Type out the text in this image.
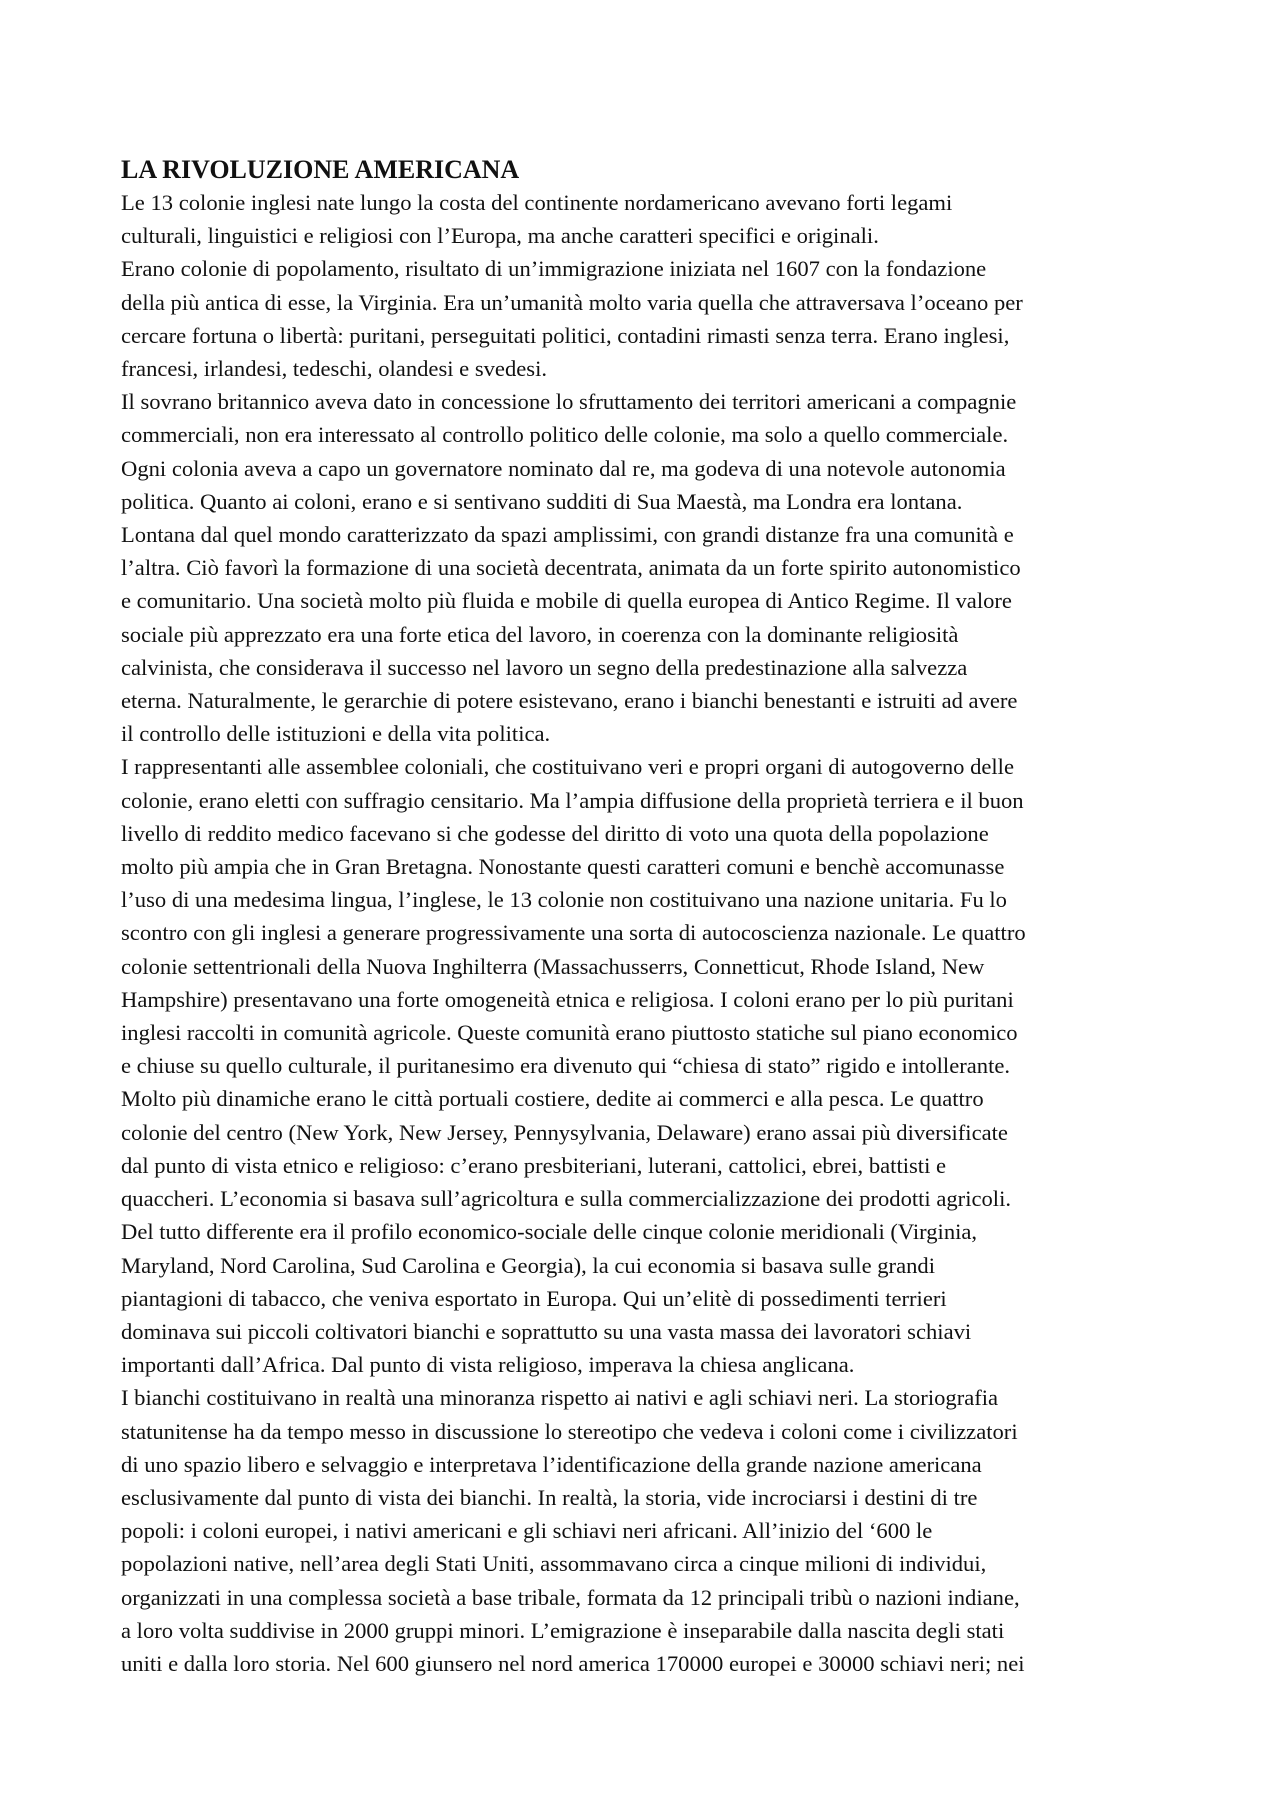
LA RIVOLUZIONE AMERICANA

Le 13 colonie inglesi nate lungo la costa del continente nordamericano avevano forti legami

culturali, linguistici e religiosi con l’Europa, ma anche caratteri specifici e originali.

Erano colonie di popolamento, risultato di un’immigrazione iniziata nel 1607 con la fondazione

della più antica di esse, la Virginia. Era un’umanità molto varia quella che attraversava l’oceano per

cercare fortuna o libertà: puritani, perseguitati politici, contadini rimasti senza terra. Erano inglesi,

francesi, irlandesi, tedeschi, olandesi e svedesi.

Il sovrano britannico aveva dato in concessione lo sfruttamento dei territori americani a compagnie

commerciali, non era interessato al controllo politico delle colonie, ma solo a quello commerciale.

Ogni colonia aveva a capo un governatore nominato dal re, ma godeva di una notevole autonomia

politica. Quanto ai coloni, erano e si sentivano sudditi di Sua Maestà, ma Londra era lontana.

Lontana dal quel mondo caratterizzato da spazi amplissimi, con grandi distanze fra una comunità e

l’altra. Ciò favorì la formazione di una società decentrata, animata da un forte spirito autonomistico

e comunitario. Una società molto più fluida e mobile di quella europea di Antico Regime. Il valore

sociale più apprezzato era una forte etica del lavoro, in coerenza con la dominante religiosità

calvinista, che considerava il successo nel lavoro un segno della predestinazione alla salvezza

eterna. Naturalmente, le gerarchie di potere esistevano, erano i bianchi benestanti e istruiti ad avere

il controllo delle istituzioni e della vita politica.

I rappresentanti alle assemblee coloniali, che costituivano veri e propri organi di autogoverno delle

colonie, erano eletti con suffragio censitario. Ma l’ampia diffusione della proprietà terriera e il buon

livello di reddito medico facevano si che godesse del diritto di voto una quota della popolazione

molto più ampia che in Gran Bretagna. Nonostante questi caratteri comuni e benchè accomunasse

l’uso di una medesima lingua, l’inglese, le 13 colonie non costituivano una nazione unitaria. Fu lo

scontro con gli inglesi a generare progressivamente una sorta di autocoscienza nazionale. Le quattro

colonie settentrionali della Nuova Inghilterra (Massachusserrs, Connetticut, Rhode Island, New

Hampshire) presentavano una forte omogeneità etnica e religiosa. I coloni erano per lo più puritani

inglesi raccolti in comunità agricole. Queste comunità erano piuttosto statiche sul piano economico

e chiuse su quello culturale, il puritanesimo era divenuto qui “chiesa di stato” rigido e intollerante.

Molto più dinamiche erano le città portuali costiere, dedite ai commerci e alla pesca. Le quattro

colonie del centro (New York, New Jersey, Pennysylvania, Delaware) erano assai più diversificate

dal punto di vista etnico e religioso: c’erano presbiteriani, luterani, cattolici, ebrei, battisti e

quaccheri. L’economia si basava sull’agricoltura e sulla commercializzazione dei prodotti agricoli.

Del tutto differente era il profilo economico-sociale delle cinque colonie meridionali (Virginia,

Maryland, Nord Carolina, Sud Carolina e Georgia), la cui economia si basava sulle grandi

piantagioni di tabacco, che veniva esportato in Europa. Qui un’elitè di possedimenti terrieri

dominava sui piccoli coltivatori bianchi e soprattutto su una vasta massa dei lavoratori schiavi

importanti dall’Africa. Dal punto di vista religioso, imperava la chiesa anglicana.

I bianchi costituivano in realtà una minoranza rispetto ai nativi e agli schiavi neri. La storiografia

statunitense ha da tempo messo in discussione lo stereotipo che vedeva i coloni come i civilizzatori

di uno spazio libero e selvaggio e interpretava l’identificazione della grande nazione americana

esclusivamente dal punto di vista dei bianchi. In realtà, la storia, vide incrociarsi i destini di tre

popoli: i coloni europei, i nativi americani e gli schiavi neri africani. All’inizio del ‘600 le

popolazioni native, nell’area degli Stati Uniti, assommavano circa a cinque milioni di individui,

organizzati in una complessa società a base tribale, formata da 12 principali tribù o nazioni indiane,

a loro volta suddivise in 2000 gruppi minori. L’emigrazione è inseparabile dalla nascita degli stati

uniti e dalla loro storia. Nel 600 giunsero nel nord america 170000 europei e 30000 schiavi neri; nei
